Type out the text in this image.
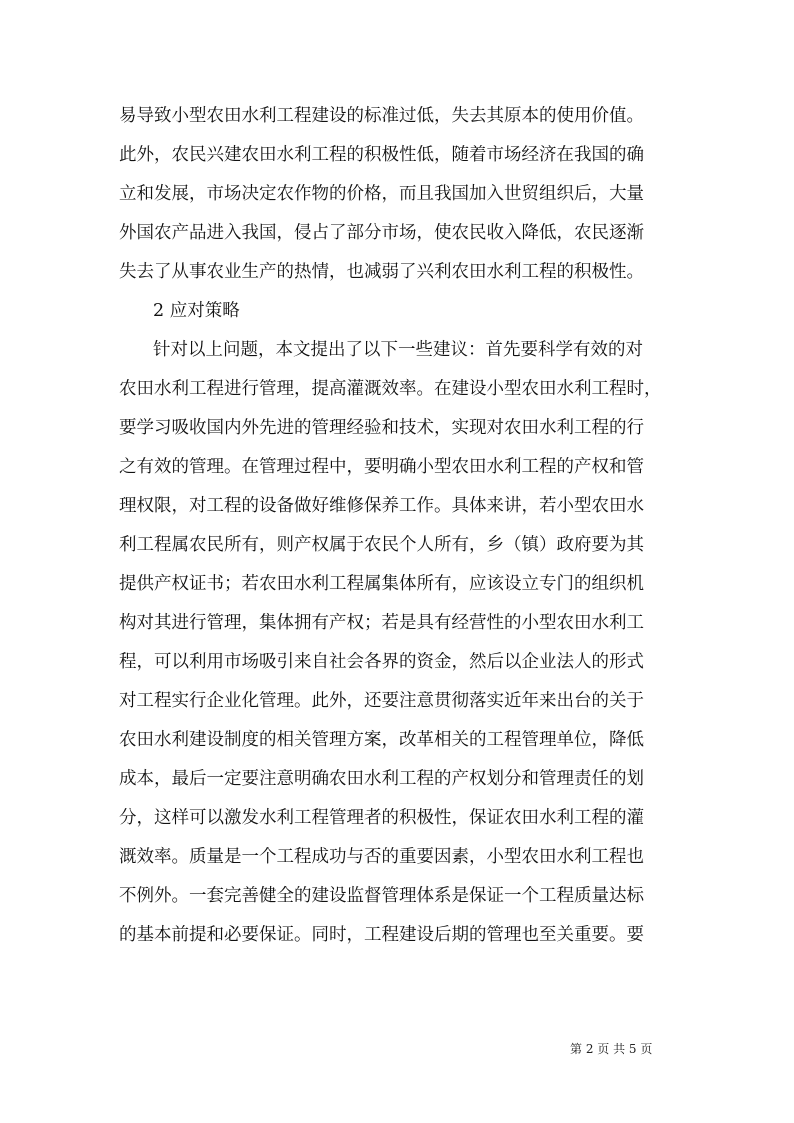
易导致小型农田水利工程建设的标准过低，失去其原本的使用价值。
此外，农民兴建农田水利工程的积极性低，随着市场经济在我国的确
立和发展，市场决定农作物的价格，而且我国加入世贸组织后，大量
外国农产品进入我国，侵占了部分市场，使农民收入降低，农民逐渐
失去了从事农业生产的热情，也减弱了兴利农田水利工程的积极性。
2 应对策略
针对以上问题，本文提出了以下一些建议：首先要科学有效的对
农田水利工程进行管理，提高灌溉效率。在建设小型农田水利工程时，
要学习吸收国内外先进的管理经验和技术，实现对农田水利工程的行
之有效的管理。在管理过程中，要明确小型农田水利工程的产权和管
理权限，对工程的设备做好维修保养工作。具体来讲，若小型农田水
利工程属农民所有，则产权属于农民个人所有，乡（镇）政府要为其
提供产权证书；若农田水利工程属集体所有，应该设立专门的组织机
构对其进行管理，集体拥有产权；若是具有经营性的小型农田水利工
程，可以利用市场吸引来自社会各界的资金，然后以企业法人的形式
对工程实行企业化管理。此外，还要注意贯彻落实近年来出台的关于
农田水利建设制度的相关管理方案，改革相关的工程管理单位，降低
成本，最后一定要注意明确农田水利工程的产权划分和管理责任的划
分，这样可以激发水利工程管理者的积极性，保证农田水利工程的灌
溉效率。质量是一个工程成功与否的重要因素，小型农田水利工程也
不例外。一套完善健全的建设监督管理体系是保证一个工程质量达标
的基本前提和必要保证。同时，工程建设后期的管理也至关重要。要
第 2 页 共 5 页
